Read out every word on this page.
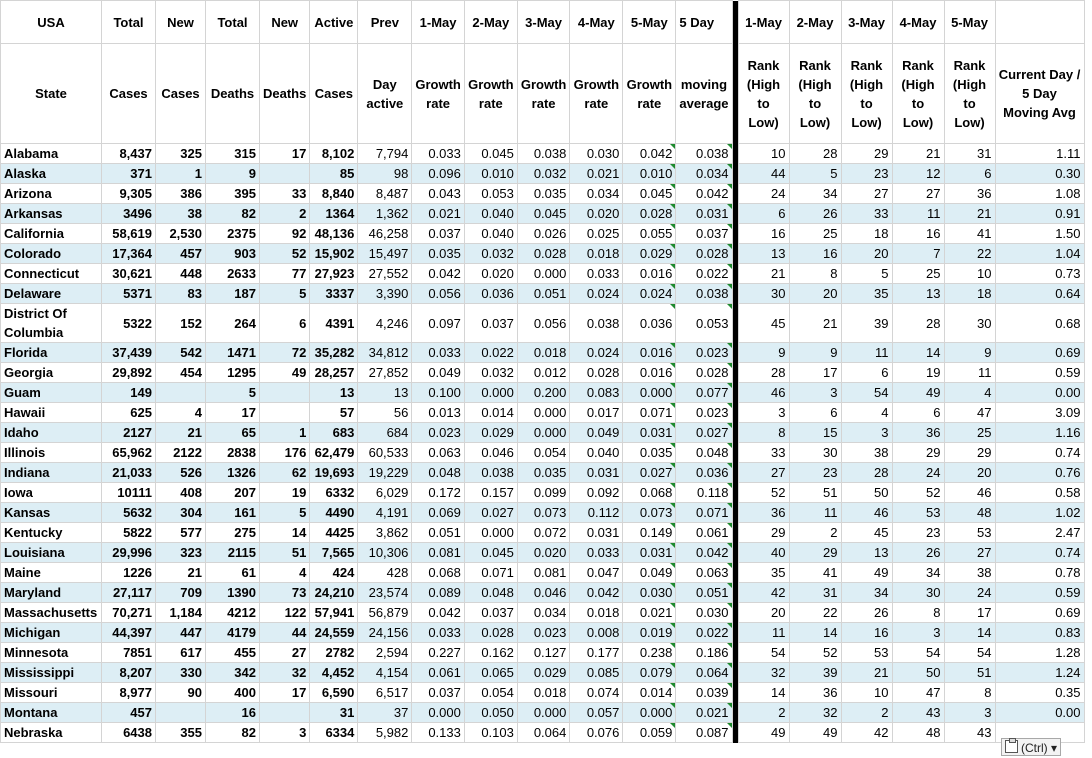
USA	Total	New	Total	New	Active	Prev	1-May	2-May	3-May	4-May	5-May	5 Day		1-May	2-May	3-May	4-May	5-May	
State	Cases	Cases	Deaths	Deaths	Cases	Day active	Growth rate	Growth rate	Growth rate	Growth rate	Growth rate	moving average		Rank (High to Low)	Rank (High to Low)	Rank (High to Low)	Rank (High to Low)	Rank (High to Low)	Current Day / 5 Day Moving Avg
Alabama	8,437	325	315	17	8,102	7,794	0.033	0.045	0.038	0.030	0.042	0.038		10	28	29	21	31	1.11
Alaska	371	1	9		85	98	0.096	0.010	0.032	0.021	0.010	0.034		44	5	23	12	6	0.30
Arizona	9,305	386	395	33	8,840	8,487	0.043	0.053	0.035	0.034	0.045	0.042		24	34	27	27	36	1.08
Arkansas	3496	38	82	2	1364	1,362	0.021	0.040	0.045	0.020	0.028	0.031		6	26	33	11	21	0.91
California	58,619	2,530	2375	92	48,136	46,258	0.037	0.040	0.026	0.025	0.055	0.037		16	25	18	16	41	1.50
Colorado	17,364	457	903	52	15,902	15,497	0.035	0.032	0.028	0.018	0.029	0.028		13	16	20	7	22	1.04
Connecticut	30,621	448	2633	77	27,923	27,552	0.042	0.020	0.000	0.033	0.016	0.022		21	8	5	25	10	0.73
Delaware	5371	83	187	5	3337	3,390	0.056	0.036	0.051	0.024	0.024	0.038		30	20	35	13	18	0.64
District Of Columbia	5322	152	264	6	4391	4,246	0.097	0.037	0.056	0.038	0.036	0.053		45	21	39	28	30	0.68
Florida	37,439	542	1471	72	35,282	34,812	0.033	0.022	0.018	0.024	0.016	0.023		9	9	11	14	9	0.69
Georgia	29,892	454	1295	49	28,257	27,852	0.049	0.032	0.012	0.028	0.016	0.028		28	17	6	19	11	0.59
Guam	149		5		13	13	0.100	0.000	0.200	0.083	0.000	0.077		46	3	54	49	4	0.00
Hawaii	625	4	17		57	56	0.013	0.014	0.000	0.017	0.071	0.023		3	6	4	6	47	3.09
Idaho	2127	21	65	1	683	684	0.023	0.029	0.000	0.049	0.031	0.027		8	15	3	36	25	1.16
Illinois	65,962	2122	2838	176	62,479	60,533	0.063	0.046	0.054	0.040	0.035	0.048		33	30	38	29	29	0.74
Indiana	21,033	526	1326	62	19,693	19,229	0.048	0.038	0.035	0.031	0.027	0.036		27	23	28	24	20	0.76
Iowa	10111	408	207	19	6332	6,029	0.172	0.157	0.099	0.092	0.068	0.118		52	51	50	52	46	0.58
Kansas	5632	304	161	5	4490	4,191	0.069	0.027	0.073	0.112	0.073	0.071		36	11	46	53	48	1.02
Kentucky	5822	577	275	14	4425	3,862	0.051	0.000	0.072	0.031	0.149	0.061		29	2	45	23	53	2.47
Louisiana	29,996	323	2115	51	7,565	10,306	0.081	0.045	0.020	0.033	0.031	0.042		40	29	13	26	27	0.74
Maine	1226	21	61	4	424	428	0.068	0.071	0.081	0.047	0.049	0.063		35	41	49	34	38	0.78
Maryland	27,117	709	1390	73	24,210	23,574	0.089	0.048	0.046	0.042	0.030	0.051		42	31	34	30	24	0.59
Massachusetts	70,271	1,184	4212	122	57,941	56,879	0.042	0.037	0.034	0.018	0.021	0.030		20	22	26	8	17	0.69
Michigan	44,397	447	4179	44	24,559	24,156	0.033	0.028	0.023	0.008	0.019	0.022		11	14	16	3	14	0.83
Minnesota	7851	617	455	27	2782	2,594	0.227	0.162	0.127	0.177	0.238	0.186		54	52	53	54	54	1.28
Mississippi	8,207	330	342	32	4,452	4,154	0.061	0.065	0.029	0.085	0.079	0.064		32	39	21	50	51	1.24
Missouri	8,977	90	400	17	6,590	6,517	0.037	0.054	0.018	0.074	0.014	0.039		14	36	10	47	8	0.35
Montana	457		16		31	37	0.000	0.050	0.000	0.057	0.000	0.021		2	32	2	43	3	0.00
Nebraska	6438	355	82	3	6334	5,982	0.133	0.103	0.064	0.076	0.059	0.087		49	49	42	48	43	
(Ctrl) ▾
